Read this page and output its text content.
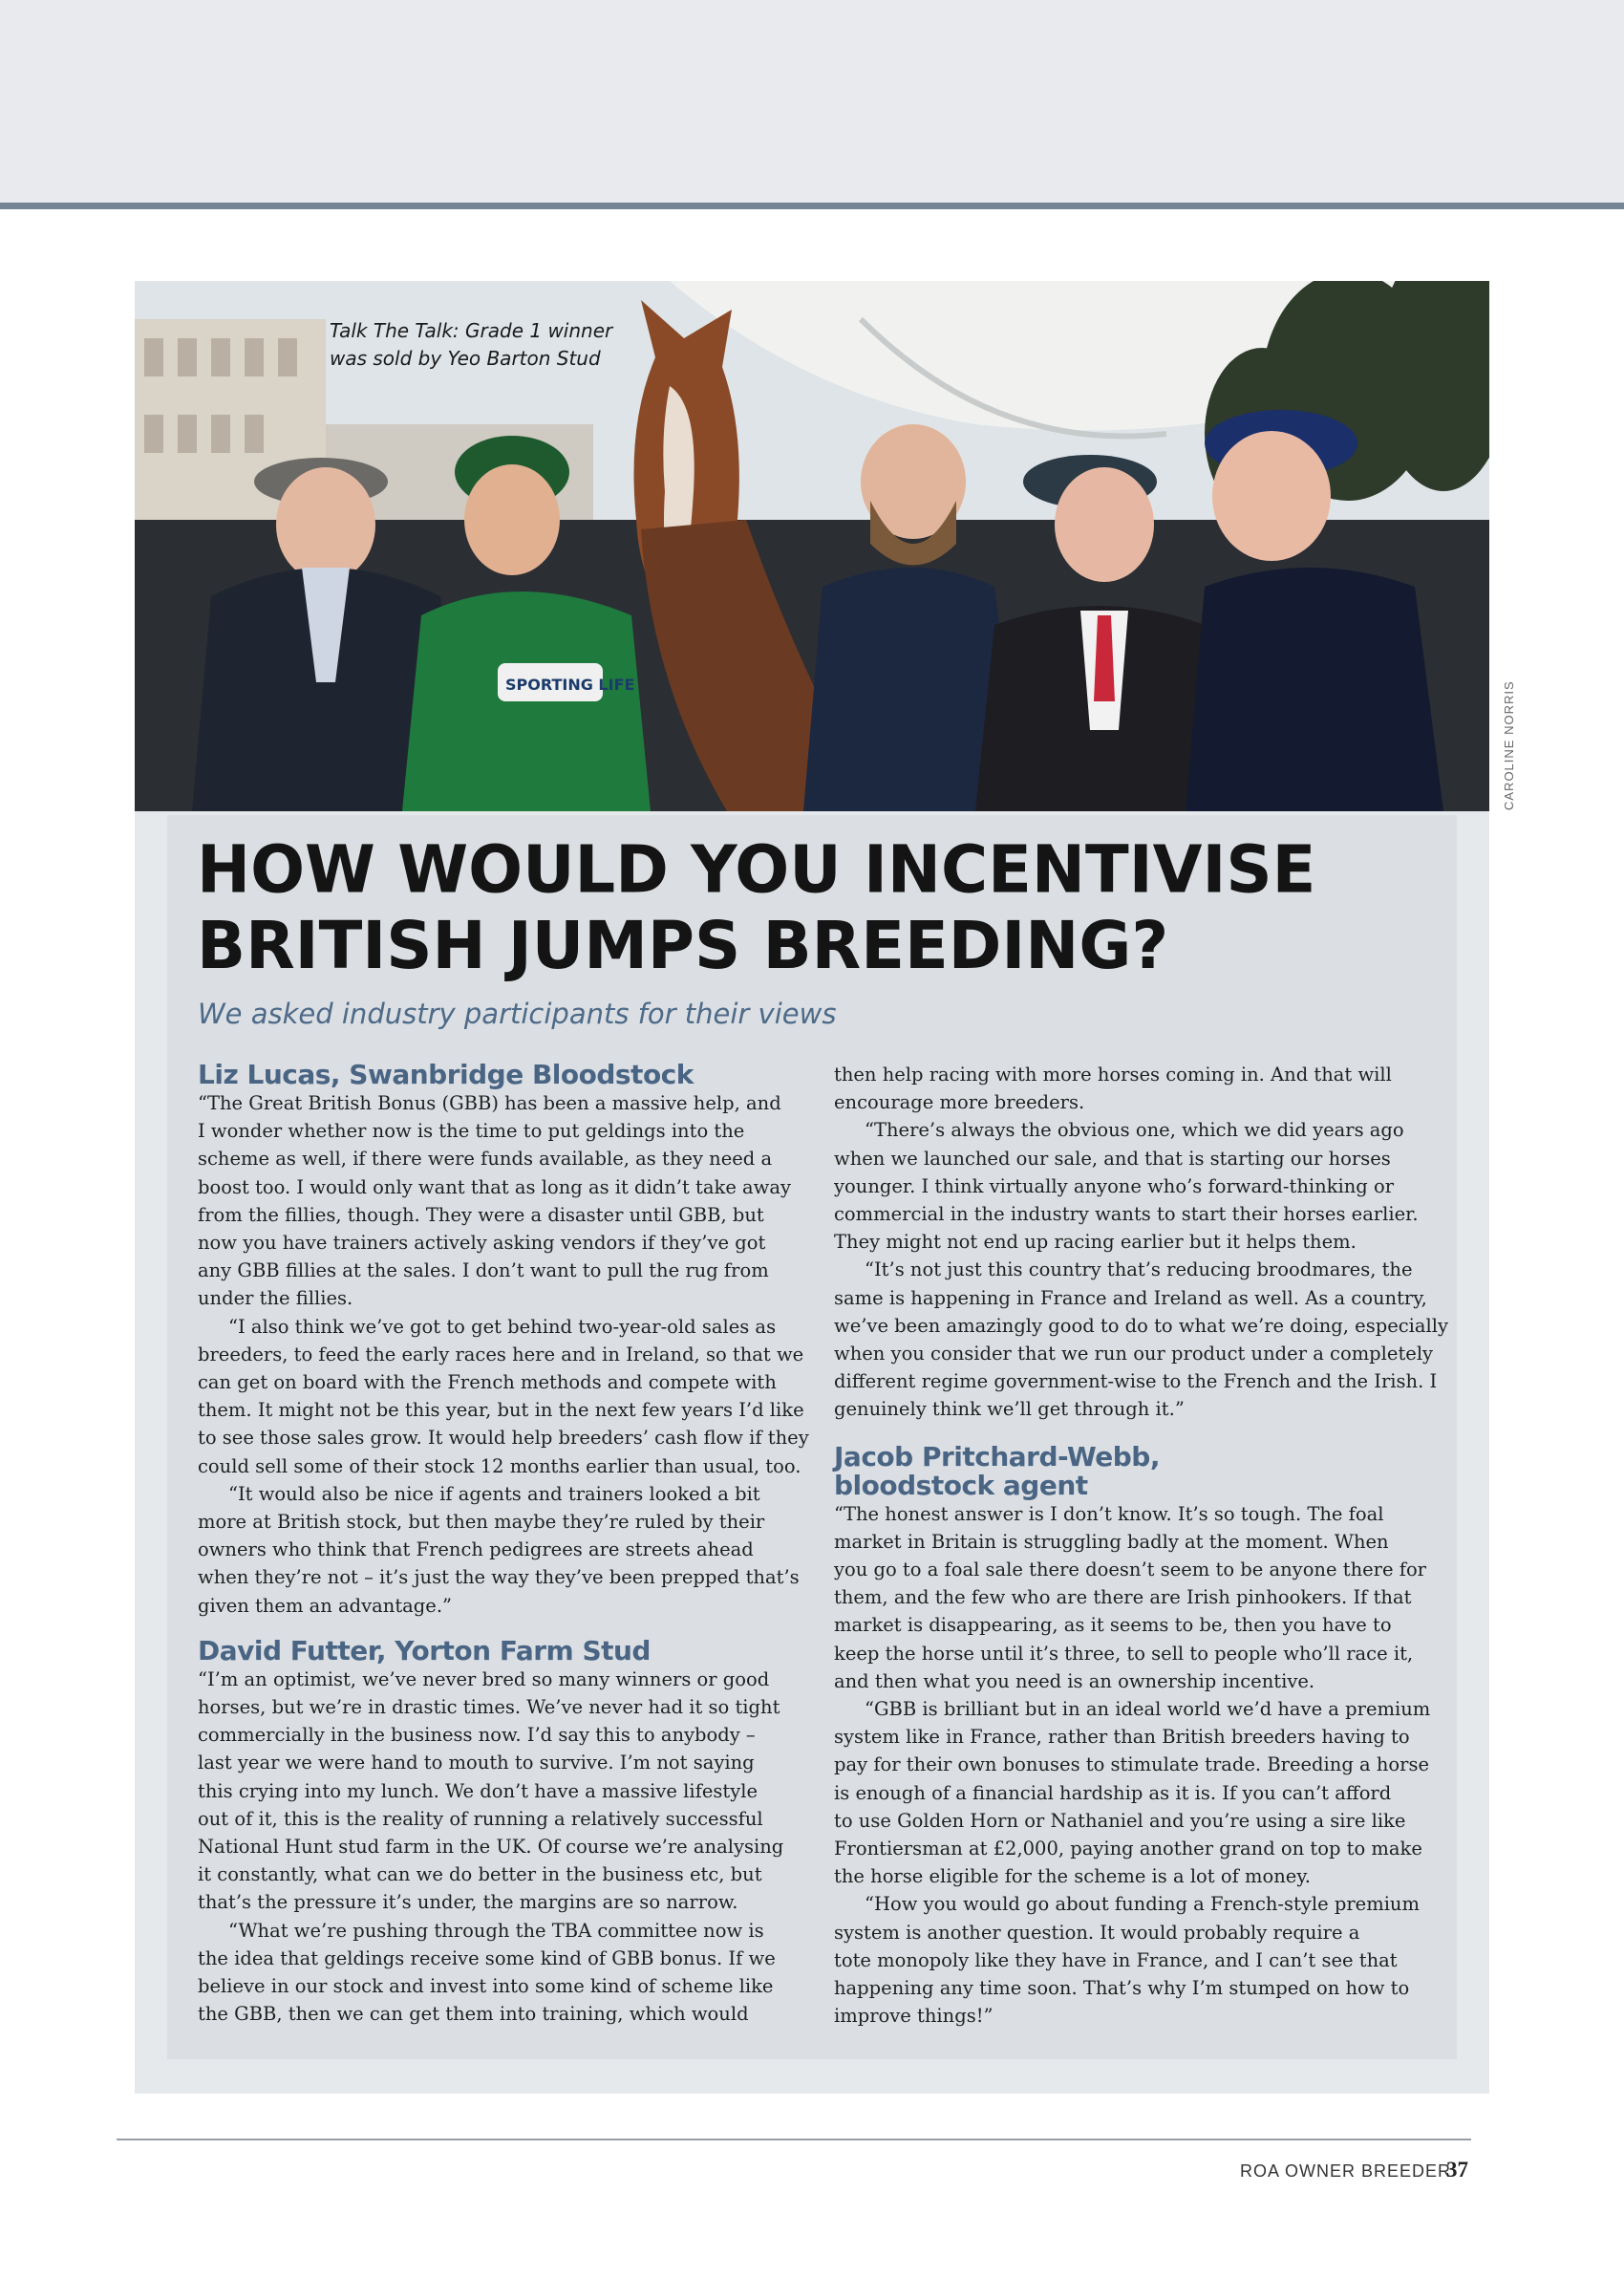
SPORTING LIFE
Talk The Talk: Grade 1 winner
was sold by Yeo Barton Stud
CAROLINE NORRIS
HOW WOULD YOU INCENTIVISE
BRITISH JUMPS BREEDING?
We asked industry participants for their views
Liz Lucas, Swanbridge Bloodstock

“The Great British Bonus (GBB) has been a massive help, and

I wonder whether now is the time to put geldings into the

scheme as well, if there were funds available, as they need a

boost too. I would only want that as long as it didn’t take away

from the fillies, though. They were a disaster until GBB, but

now you have trainers actively asking vendors if they’ve got

any GBB fillies at the sales. I don’t want to pull the rug from

under the fillies.

“I also think we’ve got to get behind two-year-old sales as

breeders, to feed the early races here and in Ireland, so that we

can get on board with the French methods and compete with

them. It might not be this year, but in the next few years I’d like

to see those sales grow. It would help breeders’ cash flow if they

could sell some of their stock 12 months earlier than usual, too.

“It would also be nice if agents and trainers looked a bit

more at British stock, but then maybe they’re ruled by their

owners who think that French pedigrees are streets ahead

when they’re not – it’s just the way they’ve been prepped that’s

given them an advantage.”

David Futter, Yorton Farm Stud

“I’m an optimist, we’ve never bred so many winners or good

horses, but we’re in drastic times. We’ve never had it so tight

commercially in the business now. I’d say this to anybody –

last year we were hand to mouth to survive. I’m not saying

this crying into my lunch. We don’t have a massive lifestyle

out of it, this is the reality of running a relatively successful

National Hunt stud farm in the UK. Of course we’re analysing

it constantly, what can we do better in the business etc, but

that’s the pressure it’s under, the margins are so narrow.

“What we’re pushing through the TBA committee now is

the idea that geldings receive some kind of GBB bonus. If we

believe in our stock and invest into some kind of scheme like

the GBB, then we can get them into training, which would

then help racing with more horses coming in. And that will

encourage more breeders.

“There’s always the obvious one, which we did years ago

when we launched our sale, and that is starting our horses

younger. I think virtually anyone who’s forward-thinking or

commercial in the industry wants to start their horses earlier.

They might not end up racing earlier but it helps them.

“It’s not just this country that’s reducing broodmares, the

same is happening in France and Ireland as well. As a country,

we’ve been amazingly good to do to what we’re doing, especially

when you consider that we run our product under a completely

different regime government-wise to the French and the Irish. I

genuinely think we’ll get through it.”

Jacob Pritchard-Webb,
bloodstock agent

“The honest answer is I don’t know. It’s so tough. The foal

market in Britain is struggling badly at the moment. When

you go to a foal sale there doesn’t seem to be anyone there for

them, and the few who are there are Irish pinhookers. If that

market is disappearing, as it seems to be, then you have to

keep the horse until it’s three, to sell to people who’ll race it,

and then what you need is an ownership incentive.

“GBB is brilliant but in an ideal world we’d have a premium

system like in France, rather than British breeders having to

pay for their own bonuses to stimulate trade. Breeding a horse

is enough of a financial hardship as it is. If you can’t afford

to use Golden Horn or Nathaniel and you’re using a sire like

Frontiersman at £2,000, paying another grand on top to make

the horse eligible for the scheme is a lot of money.

“How you would go about funding a French-style premium

system is another question. It would probably require a

tote monopoly like they have in France, and I can’t see that

happening any time soon. That’s why I’m stumped on how to

improve things!”

ROA OWNER BREEDER
37
